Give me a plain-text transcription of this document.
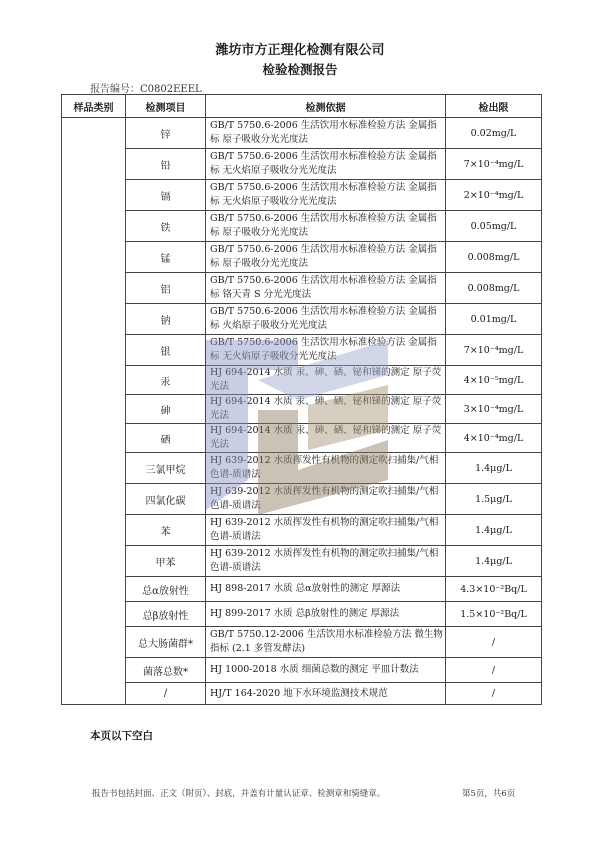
潍坊市方正理化检测有限公司
检验检测报告
报告编号：C0802EEEL
样品类别	检测项目	检测依据	检出限
	锌	GB/T 5750.6-2006 生活饮用水标准检验方法 金属指标 原子吸收分光光度法	0.02mg/L
	铅	GB/T 5750.6-2006 生活饮用水标准检验方法 金属指标 无火焰原子吸收分光光度法	7×10⁻⁴mg/L
	镉	GB/T 5750.6-2006 生活饮用水标准检验方法 金属指标 无火焰原子吸收分光光度法	2×10⁻⁴mg/L
	铁	GB/T 5750.6-2006 生活饮用水标准检验方法 金属指标 原子吸收分光光度法	0.05mg/L
	锰	GB/T 5750.6-2006 生活饮用水标准检验方法 金属指标 原子吸收分光光度法	0.008mg/L
	铝	GB/T 5750.6-2006 生活饮用水标准检验方法 金属指标 铬天青 S 分光光度法	0.008mg/L
	钠	GB/T 5750.6-2006 生活饮用水标准检验方法 金属指标 火焰原子吸收分光光度法	0.01mg/L
	银	GB/T 5750.6-2006 生活饮用水标准检验方法 金属指标 无火焰原子吸收分光光度法	7×10⁻⁴mg/L
	汞	HJ 694-2014 水质 汞、砷、硒、铋和锑的测定 原子荧光法	4×10⁻⁵mg/L
	砷	HJ 694-2014 水质 汞、砷、硒、铋和锑的测定 原子荧光法	3×10⁻⁴mg/L
	硒	HJ 694-2014 水质 汞、砷、硒、铋和锑的测定 原子荧光法	4×10⁻⁴mg/L
	三氯甲烷	HJ 639-2012 水质挥发性有机物的测定吹扫捕集/气相色谱-质谱法	1.4μg/L
	四氯化碳	HJ 639-2012 水质挥发性有机物的测定吹扫捕集/气相色谱-质谱法	1.5μg/L
	苯	HJ 639-2012 水质挥发性有机物的测定吹扫捕集/气相色谱-质谱法	1.4μg/L
	甲苯	HJ 639-2012 水质挥发性有机物的测定吹扫捕集/气相色谱-质谱法	1.4μg/L
	总α放射性	HJ 898-2017 水质 总α放射性的测定 厚源法	4.3×10⁻²Bq/L
	总β放射性	HJ 899-2017 水质 总β放射性的测定 厚源法	1.5×10⁻²Bq/L
	总大肠菌群*	GB/T 5750.12-2006 生活饮用水标准检验方法 微生物指标 (2.1 多管发酵法)	/
	菌落总数*	HJ 1000-2018 水质 细菌总数的测定 平皿计数法	/
	/	HJ/T 164-2020 地下水环境监测技术规范	/
本页以下空白
报告书包括封面、正文（附页）、封底，并盖有计量认证章、检测章和骑缝章。	第5页，共6页
